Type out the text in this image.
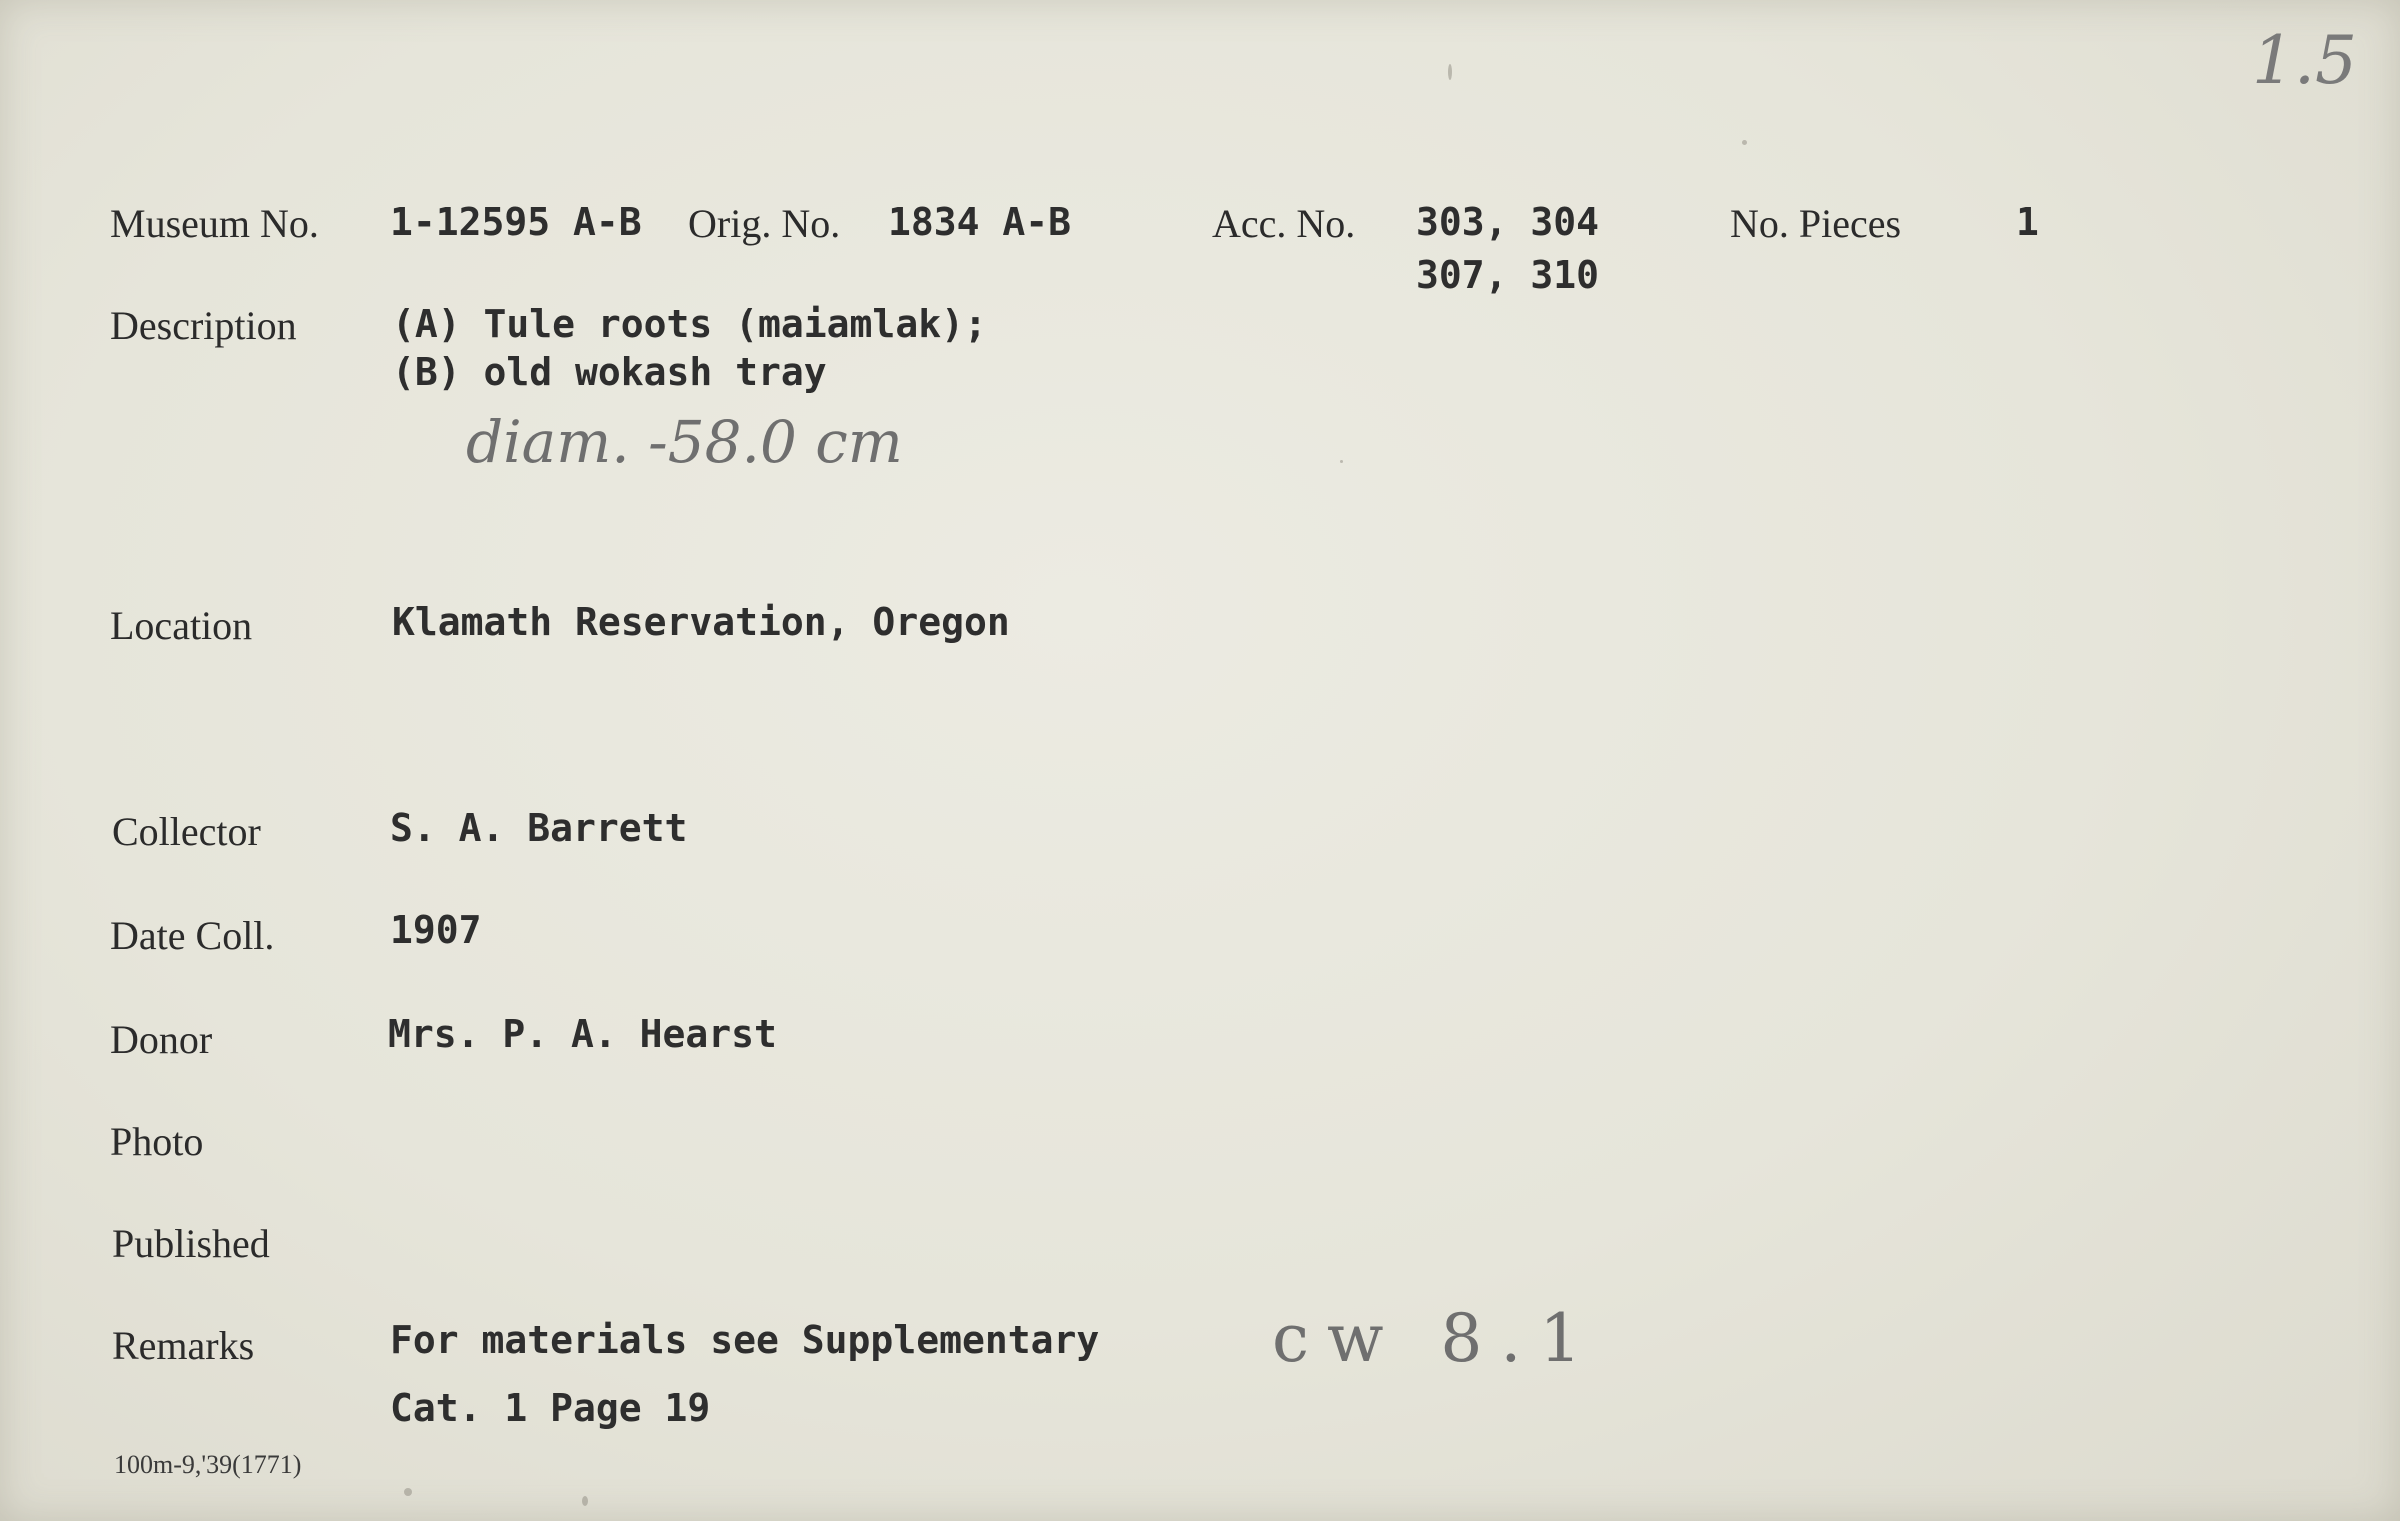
1.5
Museum No. 1-12595 A-B Orig. No. 1834 A-B	Acc. No. 303, 304
307, 310
No. Pieces	1
Description	(A) Tule roots (maiamlak);
(B) old wokash tray
diam. -58.0 cm
Location	Klamath Reservation, Oregon
Collector	S. A. Barrett
Date Coll.	1907
Donor	Mrs. P. A. Hearst
Photo
Published
Remarks	For materials see Supplementary
Cat. 1 Page 19
cw 8.1
100m-9,'39(1771)
